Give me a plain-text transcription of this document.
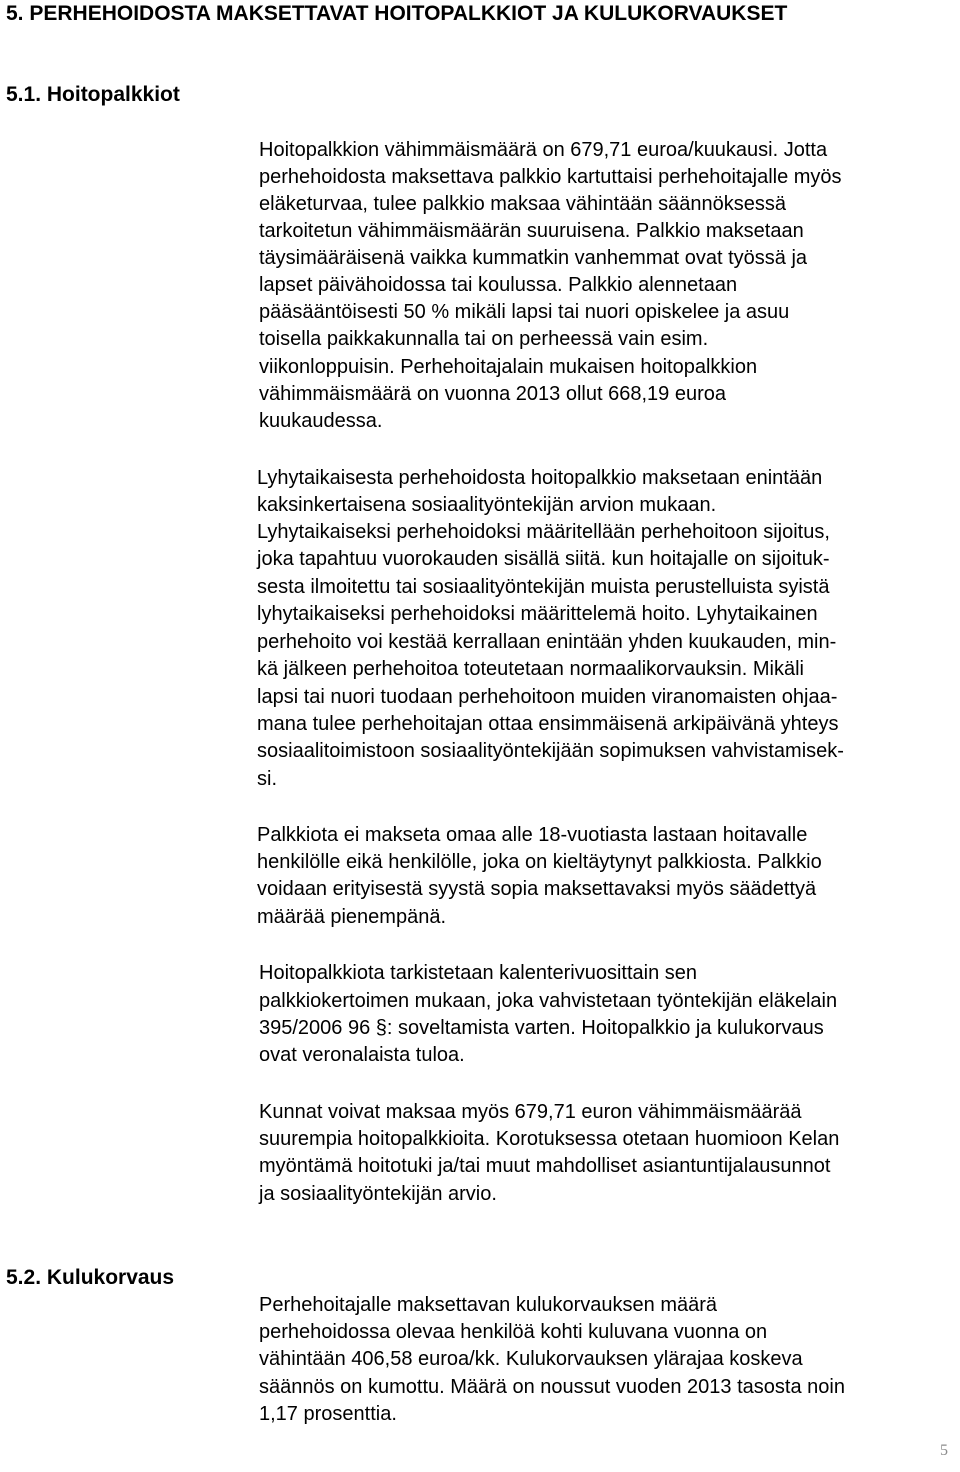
5. PERHEHOIDOSTA MAKSETTAVAT HOITOPALKKIOT JA KULUKORVAUKSET
5.1. Hoitopalkkiot

Hoitopalkkion vähimmäismäärä on 679,71 euroa/kuukausi. Jotta

perhehoidosta maksettava palkkio kartuttaisi perhehoitajalle myös

eläketurvaa, tulee palkkio maksaa vähintään säännöksessä

tarkoitetun vähimmäismäärän suuruisena. Palkkio maksetaan

täysimääräisenä vaikka kummatkin vanhemmat ovat työssä ja

lapset päivähoidossa tai koulussa. Palkkio alennetaan

pääsääntöisesti 50 % mikäli lapsi tai nuori opiskelee ja asuu

toisella paikkakunnalla tai on perheessä vain esim.

viikonloppuisin. Perhehoitajalain mukaisen hoitopalkkion

vähimmäismäärä on vuonna 2013 ollut 668,19 euroa

kuukaudessa.

Lyhytaikaisesta perhehoidosta hoitopalkkio maksetaan enintään

kaksinkertaisena sosiaalityöntekijän arvion mukaan.

Lyhytaikaiseksi perhehoidoksi määritellään perhehoitoon sijoitus,

joka tapahtuu vuorokauden sisällä siitä. kun hoitajalle on sijoituk-

sesta ilmoitettu tai sosiaalityöntekijän muista perustelluista syistä

lyhytaikaiseksi perhehoidoksi määrittelemä hoito. Lyhytaikainen

perhehoito voi kestää kerrallaan enintään yhden kuukauden, min-

kä jälkeen perhehoitoa toteutetaan normaalikorvauksin. Mikäli

lapsi tai nuori tuodaan perhehoitoon muiden viranomaisten ohjaa-

mana tulee perhehoitajan ottaa ensimmäisenä arkipäivänä yhteys

sosiaalitoimistoon sosiaalityöntekijään sopimuksen vahvistamisek-

si.

Palkkiota ei makseta omaa alle 18-vuotiasta lastaan hoitavalle

henkilölle eikä henkilölle, joka on kieltäytynyt palkkiosta. Palkkio

voidaan erityisestä syystä sopia maksettavaksi myös säädettyä

määrää pienempänä.

Hoitopalkkiota tarkistetaan kalenterivuosittain sen

palkkiokertoimen mukaan, joka vahvistetaan työntekijän eläkelain

395/2006 96 §: soveltamista varten. Hoitopalkkio ja kulukorvaus

ovat veronalaista tuloa.

Kunnat voivat maksaa myös 679,71 euron vähimmäismäärää

suurempia hoitopalkkioita. Korotuksessa otetaan huomioon Kelan

myöntämä hoitotuki ja/tai muut mahdolliset asiantuntijalausunnot

ja sosiaalityöntekijän arvio.

5.2. Kulukorvaus

Perhehoitajalle maksettavan kulukorvauksen määrä

perhehoidossa olevaa henkilöä kohti kuluvana vuonna on

vähintään 406,58 euroa/kk. Kulukorvauksen ylärajaa koskeva

säännös on kumottu. Määrä on noussut vuoden 2013 tasosta noin

1,17 prosenttia.

5
